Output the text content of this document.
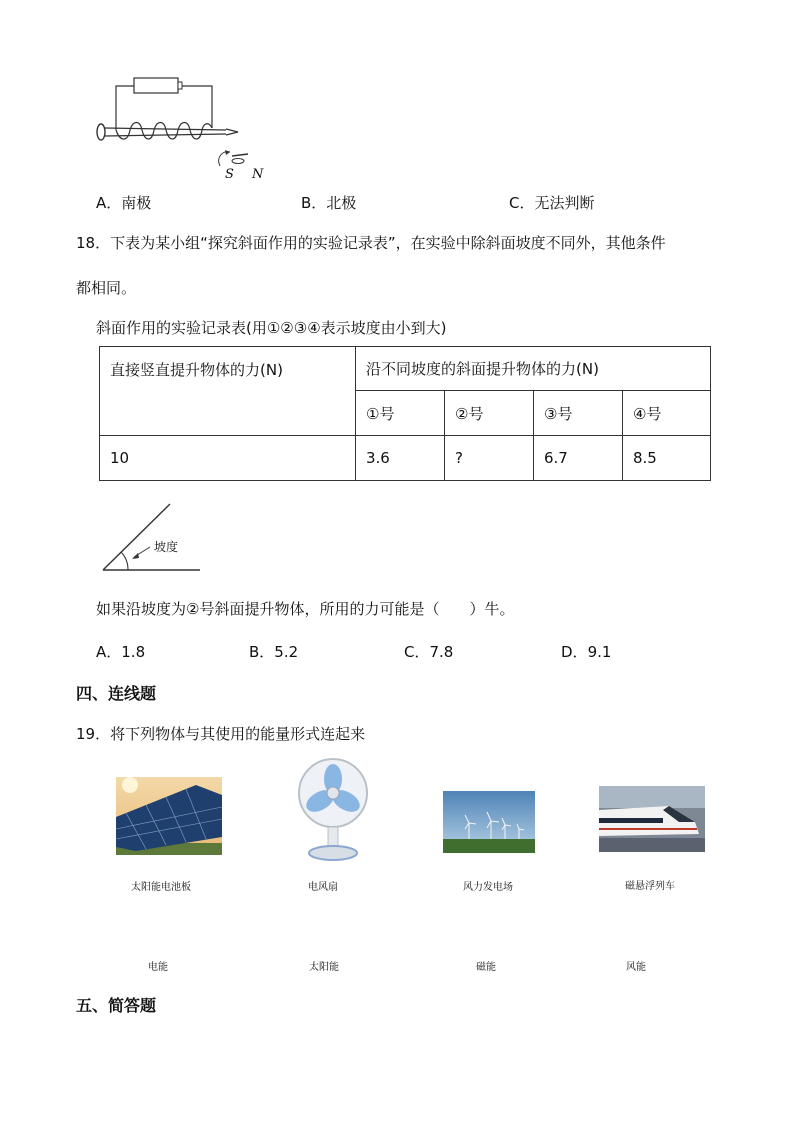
S N
A．南极	B．北极	C．无法判断
18．下表为某小组“探究斜面作用的实验记录表”，在实验中除斜面坡度不同外，其他条件
都相同。
斜面作用的实验记录表(用①②③④表示坡度由小到大)
直接竖直提升物体的力(N)	沿不同坡度的斜面提升物体的力(N)			
	①号	②号	③号	④号
10	3.6	?	6.7	8.5
坡度
如果沿坡度为②号斜面提升物体，所用的力可能是（　　）牛。
A．1.8	B．5.2	C．7.8	D．9.1
四、连线题
19．将下列物体与其使用的能量形式连起来
太阳能电池板	电风扇	风力发电场	磁悬浮列车
电能	太阳能	磁能	风能
五、简答题
